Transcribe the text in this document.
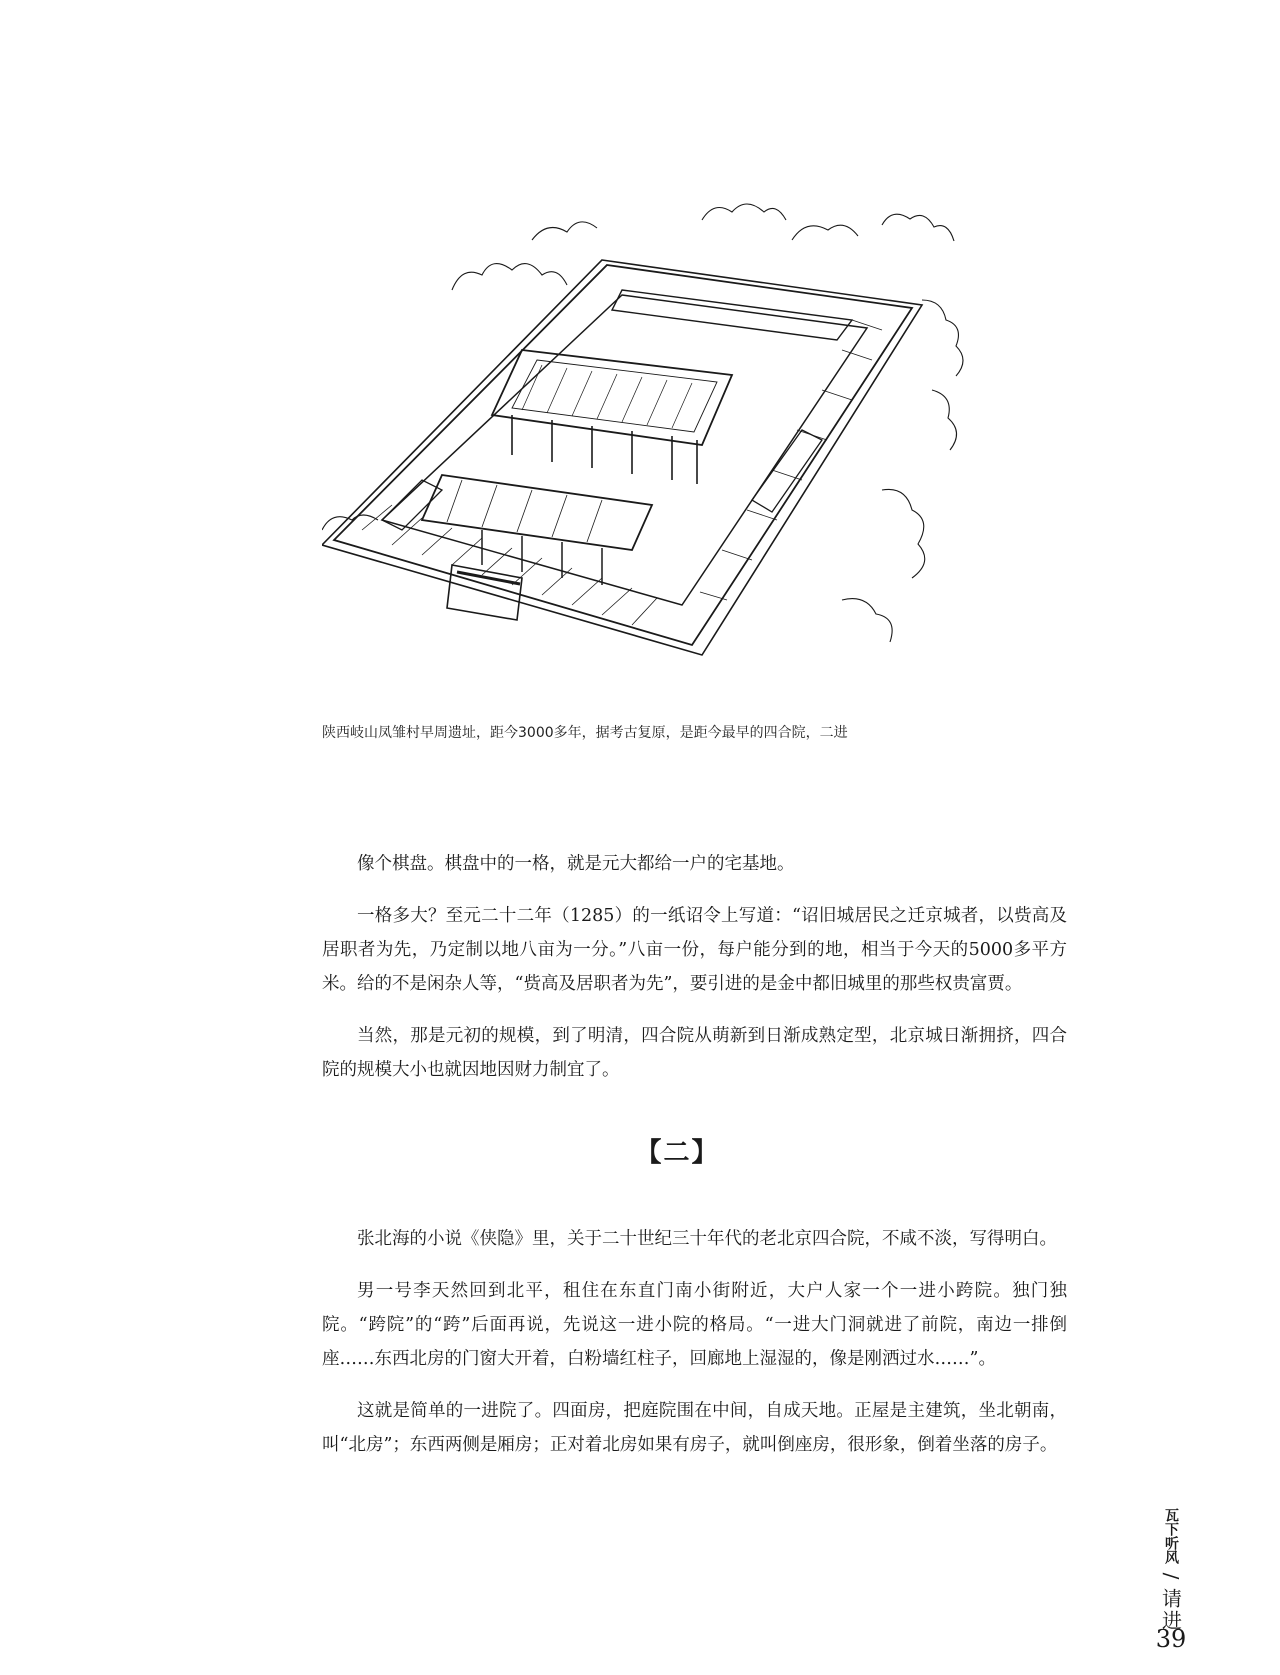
陕西岐山凤雏村早周遗址，距今3000多年，据考古复原，是距今最早的四合院，二进

像个棋盘。棋盘中的一格，就是元大都给一户的宅基地。

一格多大？至元二十二年（1285）的一纸诏令上写道：“诏旧城居民之迁京城者，以赀高及居职者为先，乃定制以地八亩为一分。”八亩一份，每户能分到的地，相当于今天的5000多平方米。给的不是闲杂人等，“赀高及居职者为先”，要引进的是金中都旧城里的那些权贵富贾。

当然，那是元初的规模，到了明清，四合院从萌新到日渐成熟定型，北京城日渐拥挤，四合院的规模大小也就因地因财力制宜了。

【二】

张北海的小说《侠隐》里，关于二十世纪三十年代的老北京四合院，不咸不淡，写得明白。

男一号李天然回到北平，租住在东直门南小街附近，大户人家一个一进小跨院。独门独院。“跨院”的“跨”后面再说，先说这一进小院的格局。“一进大门洞就进了前院，南边一排倒座……东西北房的门窗大开着，白粉墙红柱子，回廊地上湿湿的，像是刚洒过水……”。

这就是简单的一进院了。四面房，把庭院围在中间，自成天地。正屋是主建筑，坐北朝南，叫“北房”；东西两侧是厢房；正对着北房如果有房子，就叫倒座房，很形象，倒着坐落的房子。

瓦下听风
/
请进
39
